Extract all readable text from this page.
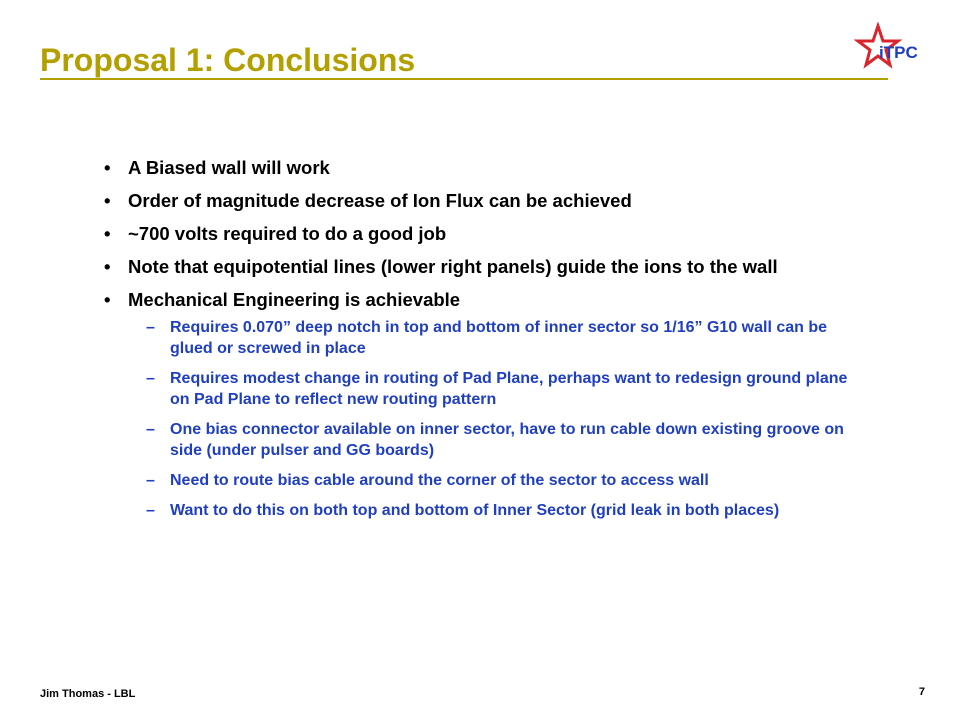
Proposal 1: Conclusions	iTPC
• A Biased wall will work
• Order of magnitude decrease of Ion Flux can be achieved
• ~700 volts required to do a good job
• Note that equipotential lines (lower right panels) guide the ions to the wall
• Mechanical Engineering is achievable
– Requires 0.070” deep notch in top and bottom of inner sector so 1/16” G10 wall can be glued or screwed in place
– Requires modest change in routing of Pad Plane, perhaps want to redesign ground plane on Pad Plane to reflect new routing pattern
– One bias connector available on inner sector, have to run cable down existing groove on side (under pulser and GG boards)
– Need to route bias cable around the corner of the sector to access wall
– Want to do this on both top and bottom of Inner Sector (grid leak in both places)
Jim Thomas - LBL	7
